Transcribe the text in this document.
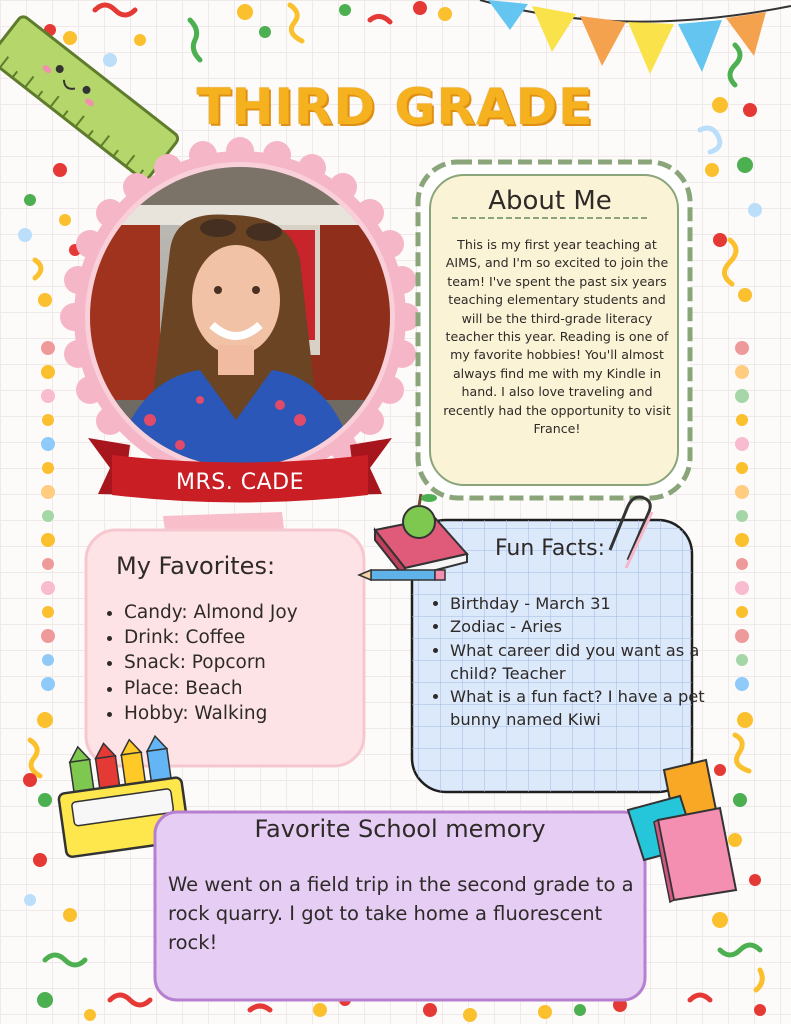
THIRD GRADE
MRS. CADE
About Me
This is my first year teaching at AIMS, and I'm so excited to join the team! I've spent the past six years teaching elementary students and will be the third-grade literacy teacher this year. Reading is one of my favorite hobbies! You'll almost always find me with my Kindle in hand. I also love traveling and recently had the opportunity to visit France!
My Favorites:
• Candy: Almond Joy
• Drink: Coffee
• Snack: Popcorn
• Place: Beach
• Hobby: Walking
Fun Facts:
• Birthday - March 31
• Zodiac - Aries
• What career did you want as a child? Teacher
• What is a fun fact? I have a pet bunny named Kiwi
Favorite School memory
We went on a field trip in the second grade to a rock quarry. I got to take home a fluorescent rock!
